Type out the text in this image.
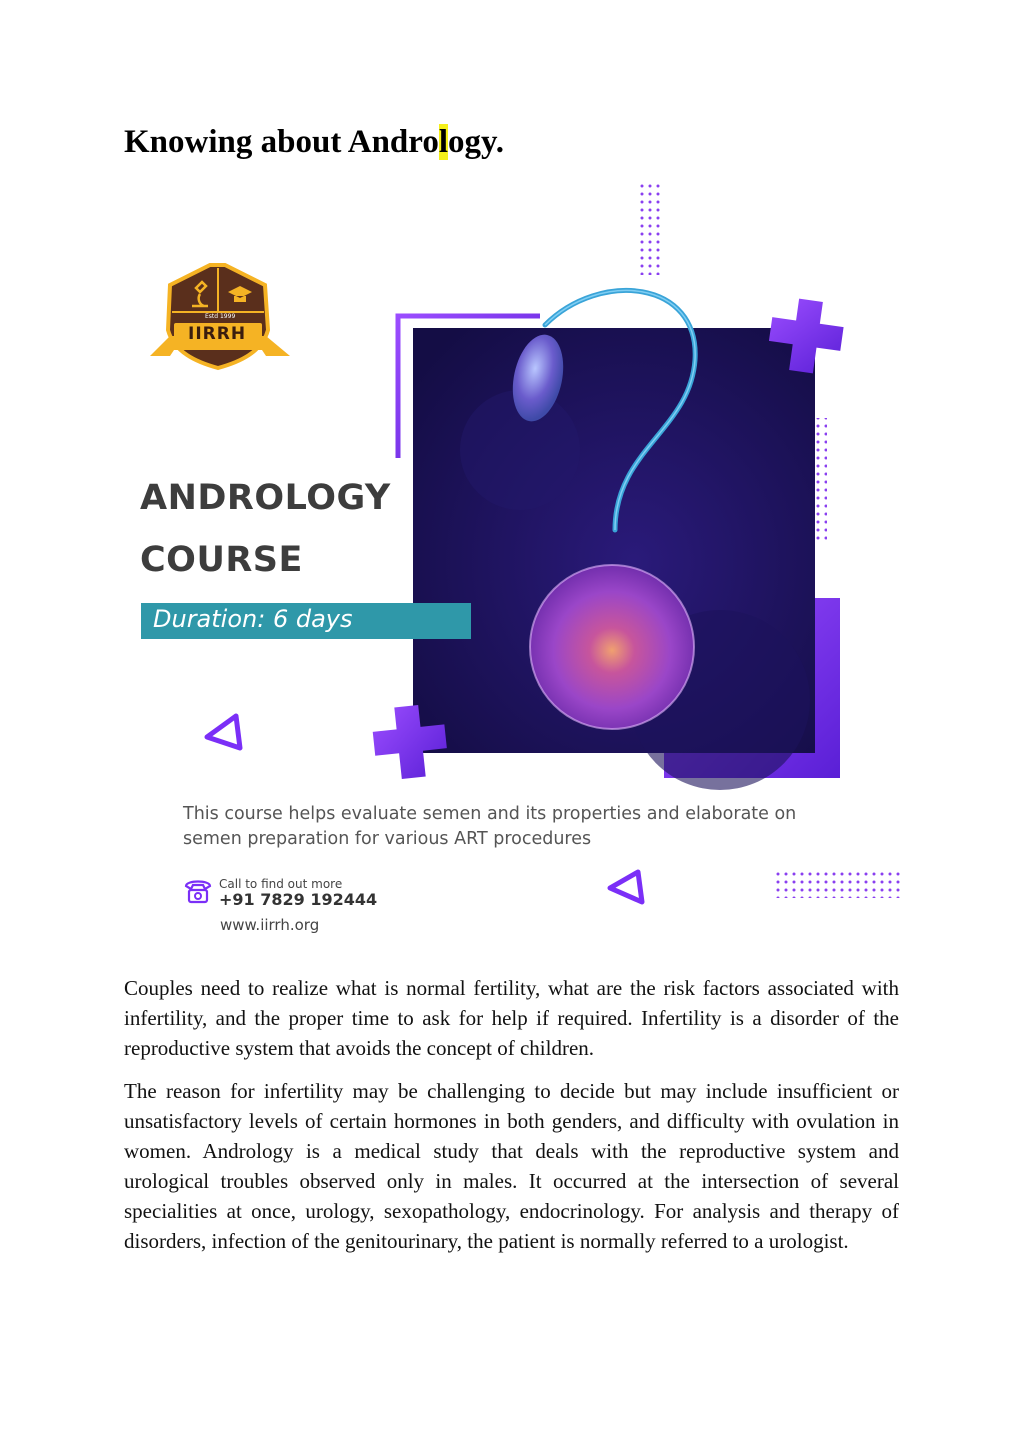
Knowing about Andrology.
Estd 1999
IIRRH
ANDROLOGY
COURSE
Duration: 6 days
This course helps evaluate semen and its properties and elaborate on semen preparation for various ART procedures
Call to find out more
+91 7829 192444
www.iirrh.org

Couples need to realize what is normal fertility, what are the risk factors associated with infertility, and the proper time to ask for help if required. Infertility is a disorder of the reproductive system that avoids the concept of children.

The reason for infertility may be challenging to decide but may include insufficient or unsatisfactory levels of certain hormones in both genders, and difficulty with ovulation in women. Andrology is a medical study that deals with the reproductive system and urological troubles observed only in males. It occurred at the intersection of several specialities at once, urology, sexopathology, endocrinology. For analysis and therapy of disorders, infection of the genitourinary, the patient is normally referred to a urologist.
